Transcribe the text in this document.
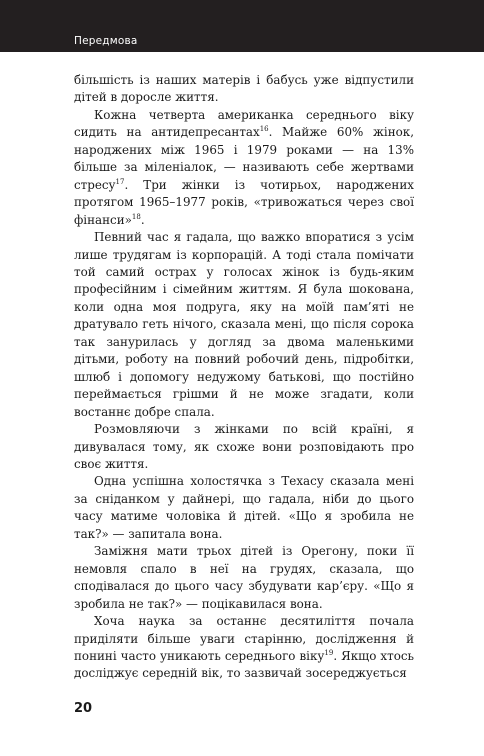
Передмова

більшість із наших матерів і бабусь уже відпустили дітей в доросле життя.

Кожна четверта американка середнього віку сидить на антидепресантах$^{16}$. Майже 60% жінок, народжених між 1965 і 1979 роками — на 13% більше за міленіалок, — називають себе жертвами стресу$^{17}$. Три жінки із чотирьох, народжених протягом 1965–1977 років, «тривожаться через свої фінанси»$^{18}$.

Певний час я гадала, що важко впоратися з усім лише трудягам із корпорацій. А тоді стала помічати той самий острах у голосах жінок із будь-яким професійним і сімейним життям. Я була шокована, коли одна моя подруга, яку на моїй пам’яті не дратувало геть нічого, сказала мені, що після сорока так занурилась у догляд за двома маленькими дітьми, роботу на повний робочий день, підробітки, шлюб і допомогу недужому батькові, що постійно переймається грішми й не може згадати, коли востаннє добре спала.

Розмовляючи з жінками по всій країні, я дивувалася тому, як схоже вони розповідають про своє життя.

Одна успішна холостячка з Техасу сказала мені за сніданком у дайнері, що гадала, ніби до цього часу матиме чоловіка й дітей. «Що я зробила не так?» — запитала вона.

Заміжня мати трьох дітей із Орегону, поки її немовля спало в неї на грудях, сказала, що сподівалася до цього часу збудувати кар’єру. «Що я зробила не так?» — поцікавилася вона.

Хоча наука за останнє десятиліття почала приділяти більше уваги старінню, дослідження й понині часто уникають середнього віку$^{19}$. Якщо хтось досліджує середній вік, то зазвичай зосереджується

20
